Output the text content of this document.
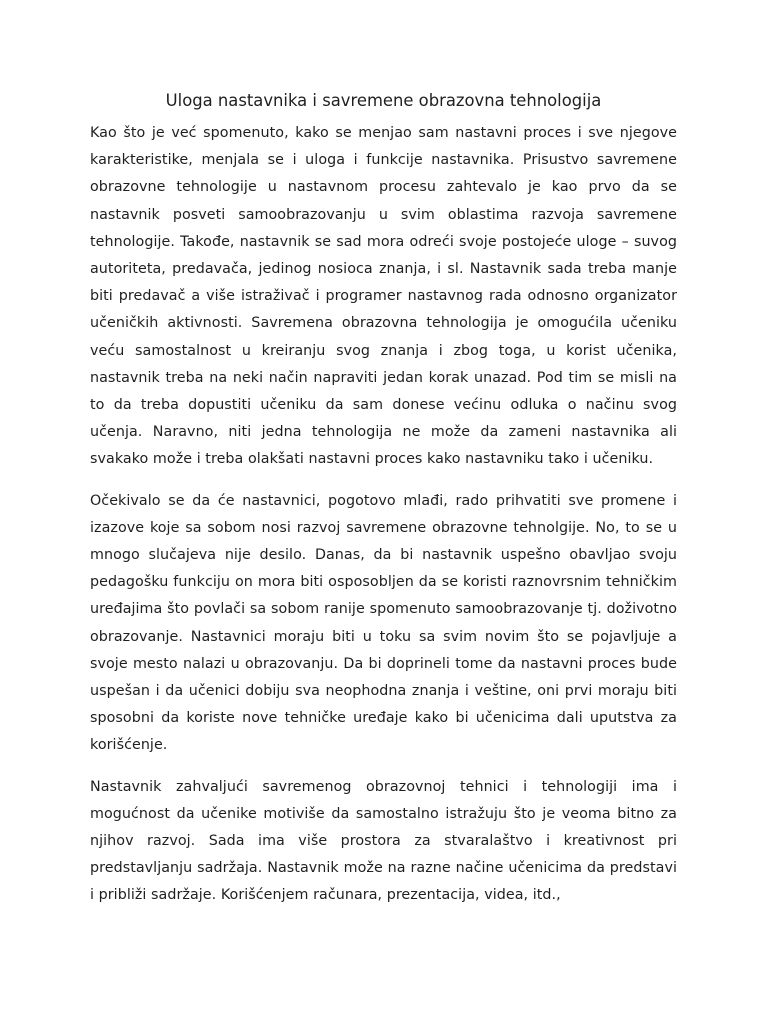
Uloga nastavnika i savremene obrazovna tehnologija

Kao što je već spomenuto, kako se menjao sam nastavni proces i sve njegove karakteristike, menjala se i uloga i funkcije nastavnika. Prisustvo savremene obrazovne tehnologije u nastavnom procesu zahtevalo je kao prvo da se nastavnik posveti samoobrazovanju u svim oblastima razvoja savremene tehnologije. Takođe, nastavnik se sad mora odreći svoje postojeće uloge – suvog autoriteta, predavača, jedinog nosioca znanja, i sl. Nastavnik sada treba manje biti predavač a više istraživač i programer nastavnog rada odnosno organizator učeničkih aktivnosti. Savremena obrazovna tehnologija je omogućila učeniku veću samostalnost u kreiranju svog znanja i zbog toga, u korist učenika, nastavnik treba na neki način napraviti jedan korak unazad. Pod tim se misli na to da treba dopustiti učeniku da sam donese većinu odluka o načinu svog učenja. Naravno, niti jedna tehnologija ne može da zameni nastavnika ali svakako može i treba olakšati nastavni proces kako nastavniku tako i učeniku.

Očekivalo se da će nastavnici, pogotovo mlađi, rado prihvatiti sve promene i izazove koje sa sobom nosi razvoj savremene obrazovne tehnolgije. No, to se u mnogo slučajeva nije desilo. Danas, da bi nastavnik uspešno obavljao svoju pedagošku funkciju on mora biti osposobljen da se koristi raznovrsnim tehničkim uređajima što povlači sa sobom ranije spomenuto samoobrazovanje tj. doživotno obrazovanje. Nastavnici moraju biti u toku sa svim novim što se pojavljuje a svoje mesto nalazi u obrazovanju. Da bi doprineli tome da nastavni proces bude uspešan i da učenici dobiju sva neophodna znanja i veštine, oni prvi moraju biti sposobni da koriste nove tehničke uređaje kako bi učenicima dali uputstva za korišćenje.

Nastavnik zahvaljući savremenog obrazovnoj tehnici i tehnologiji ima i mogućnost da učenike motiviše da samostalno istražuju što je veoma bitno za njihov razvoj. Sada ima više prostora za stvaralaštvo i kreativnost pri predstavljanju sadržaja. Nastavnik može na razne načine učenicima da predstavi i približi sadržaje. Korišćenjem računara, prezentacija, videa, itd.,
